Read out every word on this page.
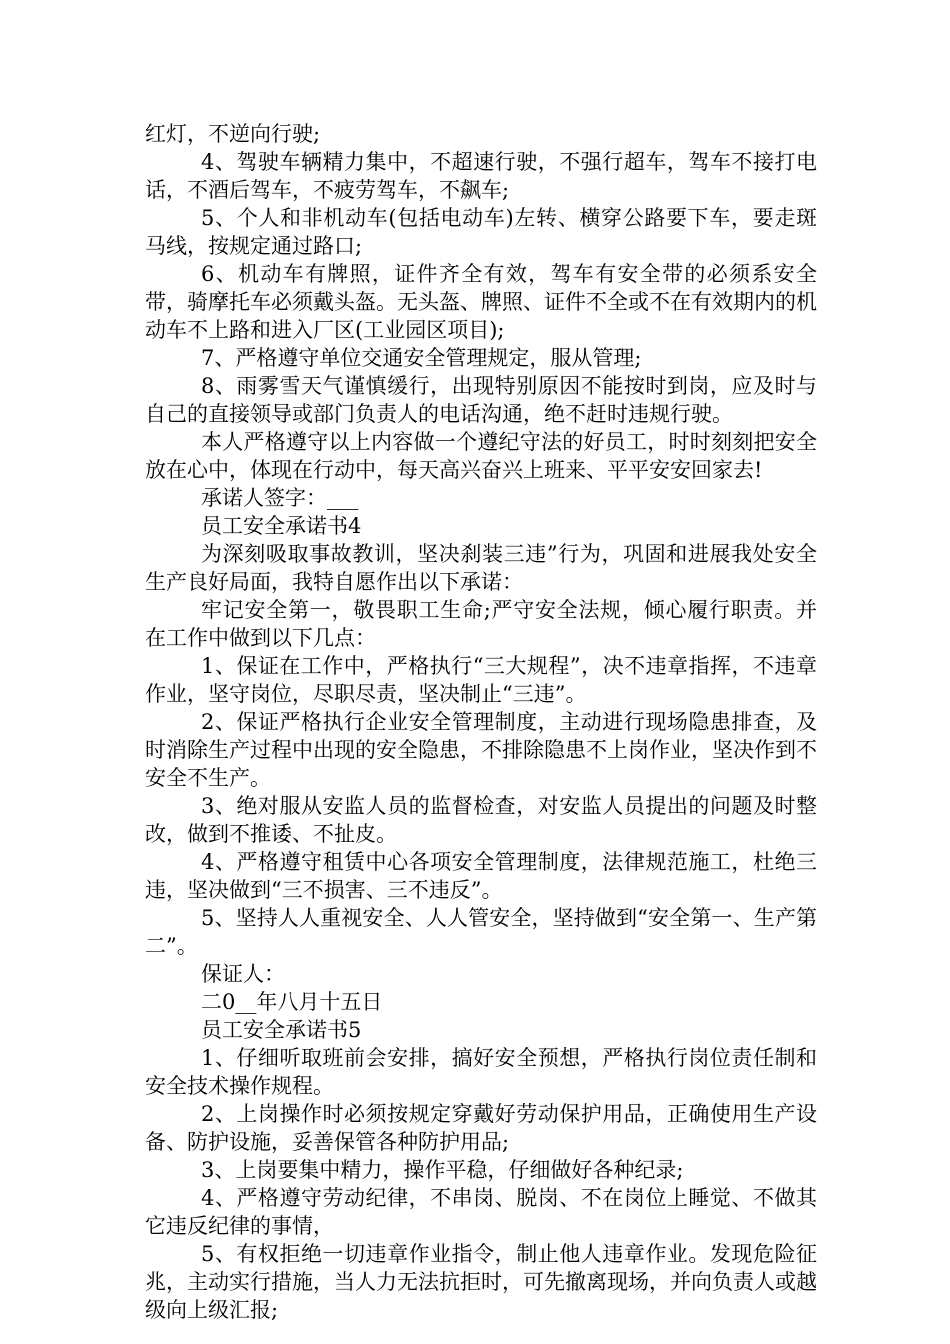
红灯，不逆向行驶;

4、驾驶车辆精力集中，不超速行驶，不强行超车，驾车不接打电话，不酒后驾车，不疲劳驾车，不飙车;

5、个人和非机动车(包括电动车)左转、横穿公路要下车，要走斑马线，按规定通过路口;

6、机动车有牌照，证件齐全有效，驾车有安全带的必须系安全带，骑摩托车必须戴头盔。无头盔、牌照、证件不全或不在有效期内的机动车不上路和进入厂区(工业园区项目);

7、严格遵守单位交通安全管理规定，服从管理;

8、雨雾雪天气谨慎缓行，出现特别原因不能按时到岗，应及时与自己的直接领导或部门负责人的电话沟通，绝不赶时违规行驶。

本人严格遵守以上内容做一个遵纪守法的好员工，时时刻刻把安全放在心中，体现在行动中，每天高兴奋兴上班来、平平安安回家去!

承诺人签字：___

员工安全承诺书4

为深刻吸取事故教训，坚决刹装三违”行为，巩固和进展我处安全生产良好局面，我特自愿作出以下承诺：

牢记安全第一，敬畏职工生命;严守安全法规，倾心履行职责。并在工作中做到以下几点：

1、保证在工作中，严格执行“三大规程”，决不违章指挥，不违章作业，坚守岗位，尽职尽责，坚决制止“三违”。

2、保证严格执行企业安全管理制度，主动进行现场隐患排查，及时消除生产过程中出现的安全隐患，不排除隐患不上岗作业，坚决作到不安全不生产。

3、绝对服从安监人员的监督检查，对安监人员提出的问题及时整改，做到不推诿、不扯皮。

4、严格遵守租赁中心各项安全管理制度，法律规范施工，杜绝三违，坚决做到“三不损害、三不违反”。

5、坚持人人重视安全、人人管安全，坚持做到“安全第一、生产第二”。

保证人：

二0__年八月十五日

员工安全承诺书5

1、仔细听取班前会安排，搞好安全预想，严格执行岗位责任制和安全技术操作规程。

2、上岗操作时必须按规定穿戴好劳动保护用品，正确使用生产设备、防护设施，妥善保管各种防护用品;

3、上岗要集中精力，操作平稳，仔细做好各种纪录;

4、严格遵守劳动纪律，不串岗、脱岗、不在岗位上睡觉、不做其它违反纪律的事情，

5、有权拒绝一切违章作业指令，制止他人违章作业。发现危险征兆，主动实行措施，当人力无法抗拒时，可先撤离现场，并向负责人或越级向上级汇报;
